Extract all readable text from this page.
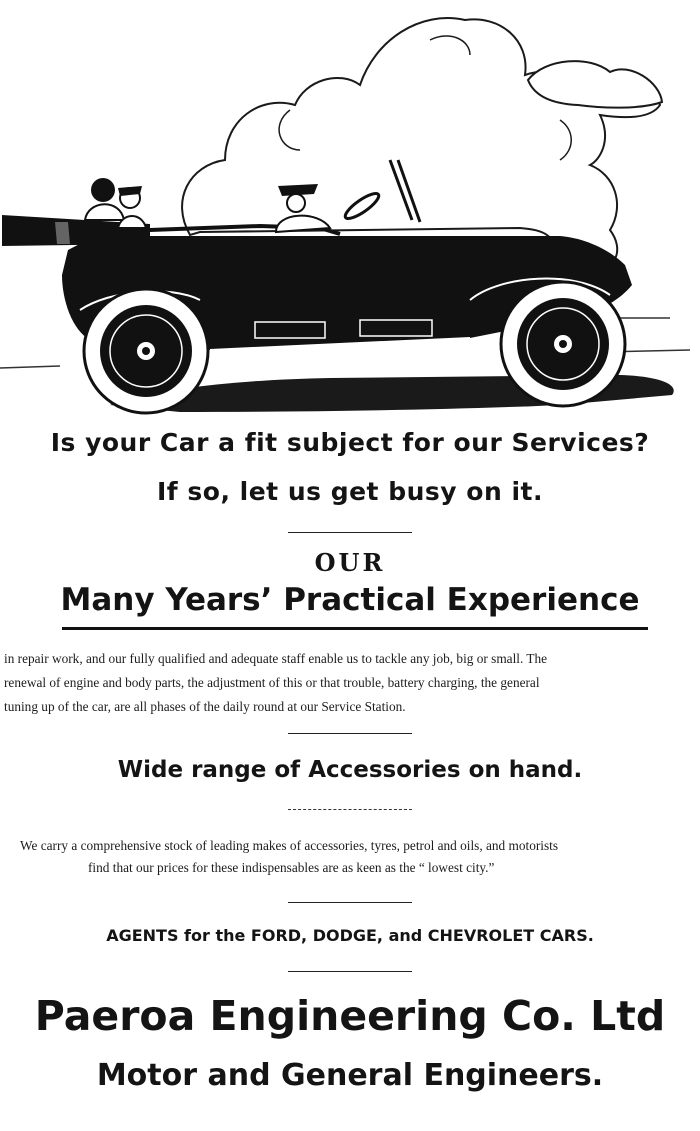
Is your Car a fit subject for our Services?
If so, let us get busy on it.
OUR
Many Years’ Practical Experience
in repair work, and our fully qualified and adequate staff enable us to tackle any job, big or small. The
renewal of engine and body parts, the adjustment of this or that trouble, battery charging, the general
tuning up of the car, are all phases of the daily round at our Service Station.
Wide range of Accessories on hand.
We carry a comprehensive stock of leading makes of accessories, tyres, petrol and oils, and motorists
find that our prices for these indispensables are as keen as the “ lowest city.”
AGENTS for the FORD, DODGE, and CHEVROLET CARS.
Paeroa Engineering Co. Ltd
Motor and General Engineers.
